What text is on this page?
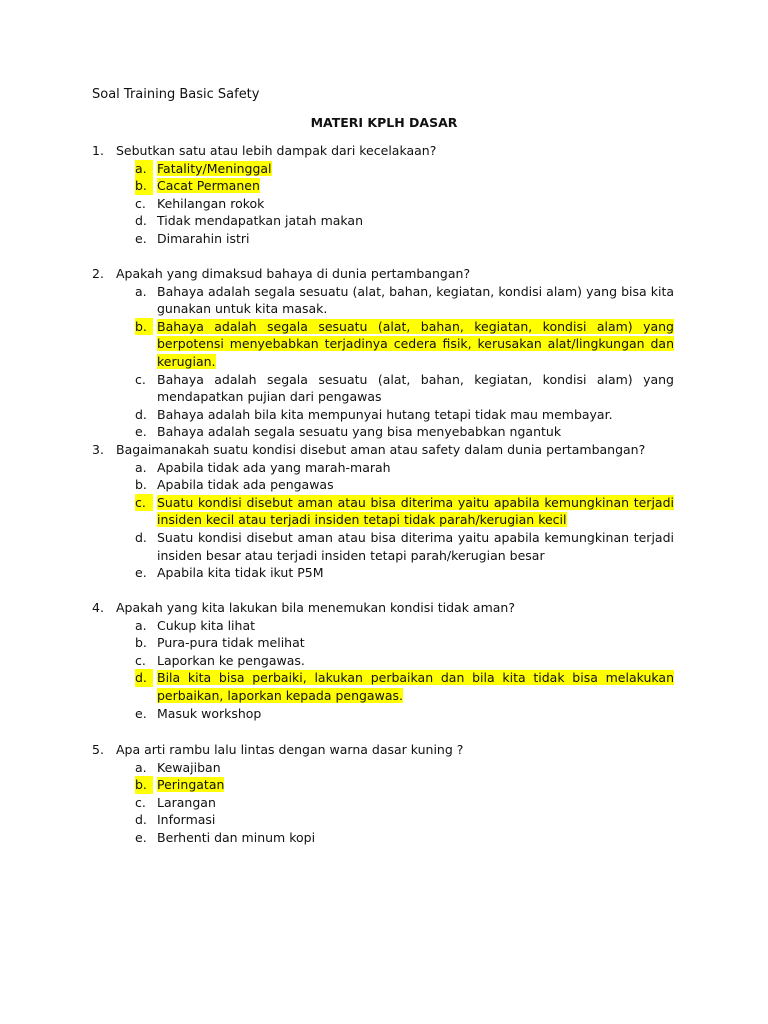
Soal Training Basic Safety
MATERI KPLH DASAR
1. Sebutkan satu atau lebih dampak dari kecelakaan?
a. Fatality/Meninggal
b. Cacat Permanen
c. Kehilangan rokok
d. Tidak mendapatkan jatah makan
e. Dimarahin istri
2. Apakah yang dimaksud bahaya di dunia pertambangan?
a. Bahaya adalah segala sesuatu (alat, bahan, kegiatan, kondisi alam) yang bisa kita gunakan untuk kita masak.
b. Bahaya adalah segala sesuatu (alat, bahan, kegiatan, kondisi alam) yang berpotensi menyebabkan terjadinya cedera fisik, kerusakan alat/lingkungan dan kerugian.
c. Bahaya adalah segala sesuatu (alat, bahan, kegiatan, kondisi alam) yang mendapatkan pujian dari pengawas
d. Bahaya adalah bila kita mempunyai hutang tetapi tidak mau membayar.
e. Bahaya adalah segala sesuatu yang bisa menyebabkan ngantuk
3. Bagaimanakah suatu kondisi disebut aman atau safety dalam dunia pertambangan?
a. Apabila tidak ada yang marah-marah
b. Apabila tidak ada pengawas
c. Suatu kondisi disebut aman atau bisa diterima yaitu apabila kemungkinan terjadi insiden kecil atau terjadi insiden tetapi tidak parah/kerugian kecil
d. Suatu kondisi disebut aman atau bisa diterima yaitu apabila kemungkinan terjadi insiden besar atau terjadi insiden tetapi parah/kerugian besar
e. Apabila kita tidak ikut P5M
4. Apakah yang kita lakukan bila menemukan kondisi tidak aman?
a. Cukup kita lihat
b. Pura-pura tidak melihat
c. Laporkan ke pengawas.
d. Bila kita bisa perbaiki, lakukan perbaikan dan bila kita tidak bisa melakukan perbaikan, laporkan kepada pengawas.
e. Masuk workshop
5. Apa arti rambu lalu lintas dengan warna dasar kuning ?
a. Kewajiban
b. Peringatan
c. Larangan
d. Informasi
e. Berhenti dan minum kopi
